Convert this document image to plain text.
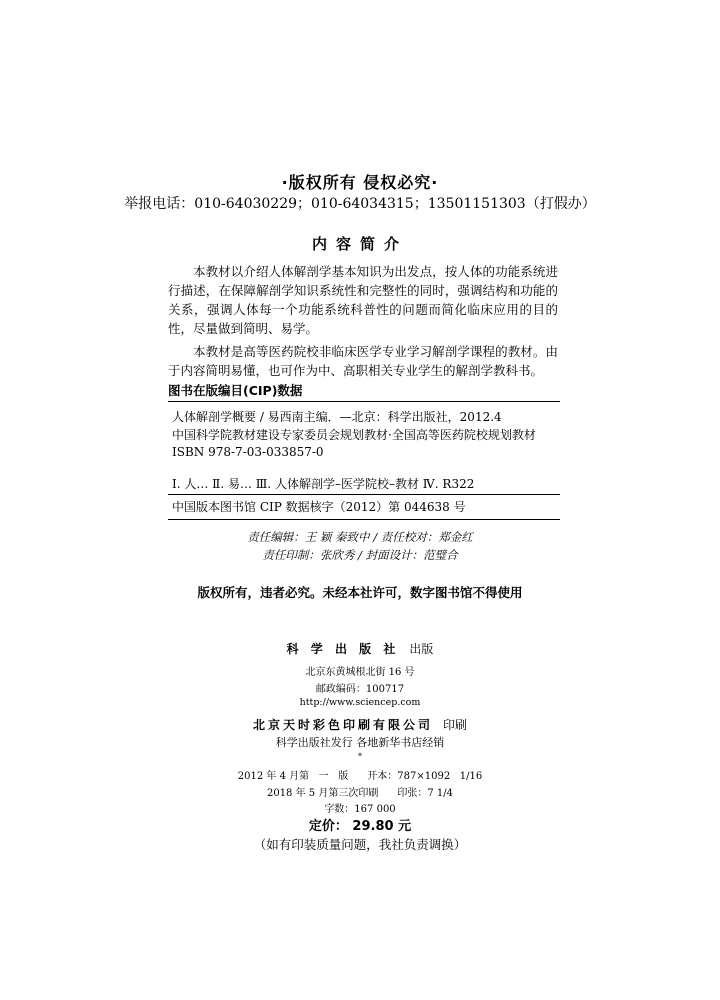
·版权所有 侵权必究·
举报电话：010-64030229；010-64034315；13501151303（打假办）
内容简介

本教材以介绍人体解剖学基本知识为出发点，按人体的功能系统进行描述，在保障解剖学知识系统性和完整性的同时，强调结构和功能的关系，强调人体每一个功能系统科普性的问题而简化临床应用的目的性，尽量做到简明、易学。

本教材是高等医药院校非临床医学专业学习解剖学课程的教材。由于内容简明易懂，也可作为中、高职相关专业学生的解剖学教科书。

图书在版编目(CIP)数据
人体解剖学概要 / 易西南主编．—北京：科学出版社，2012.4
中国科学院教材建设专家委员会规划教材·全国高等医药院校规划教材
ISBN 978-7-03-033857-0
Ⅰ. 人… Ⅱ. 易… Ⅲ. 人体解剖学–医学院校–教材 Ⅳ. R322
中国版本图书馆 CIP 数据核字（2012）第 044638 号
责任编辑：王 颖 秦致中 / 责任校对：郑金红
责任印制：张欣秀 / 封面设计：范璧合
版权所有，违者必究。未经本社许可，数字图书馆不得使用
科 学 出 版 社 出版
北京东黄城根北街 16 号
邮政编码：100717
http://www.sciencep.com
北京天时彩色印刷有限公司 印刷
科学出版社发行 各地新华书店经销
*
2012 年 4 月第   一   版      开本：787×1092   1/16
2018 年 5 月第三次印刷      印张：7 1/4
字数：167 000
定价： 29.80 元
（如有印装质量问题，我社负责调换）
